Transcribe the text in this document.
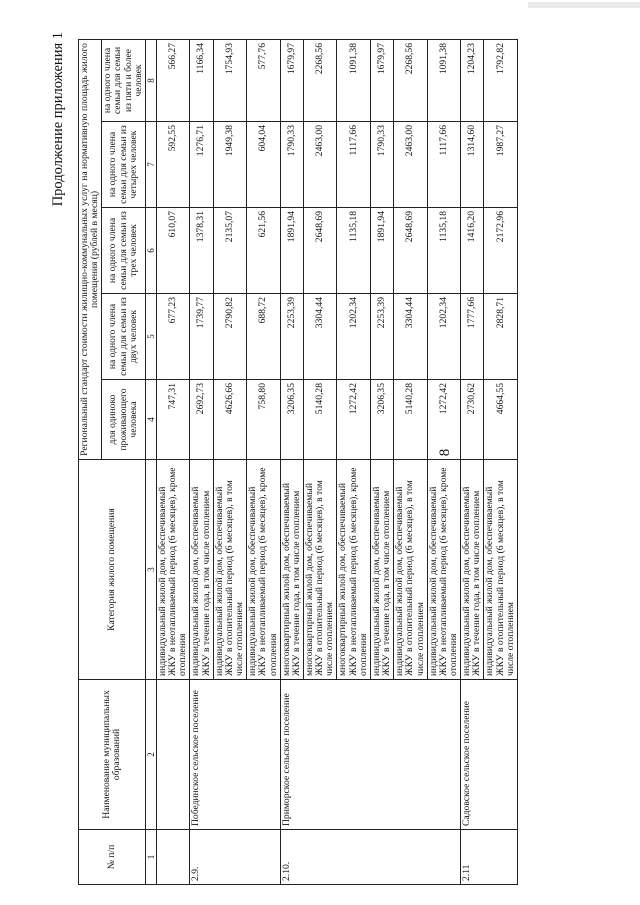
8
Продолжение приложения 1
№ п/п	Наименование муниципальных образований	Категория жилого помещения	Региональный стандарт стоимости жилищно-коммунальных услуг на нормативную площадь жилого помещения (рублей в месяц)				
			для одиноко проживающего человека	на одного члена семьи для семьи из двух человек	на одного члена семьи для семьи из трех человек	на одного члена семьи для семьи из четырех человек	на одного члена семьи для семьи из пяти и более человек
1	2	3	4	5	6	7	8
		индивидуальный жилой дом, обеспечиваемый ЖКУ в неотапливаемый период (6 месяцев), кроме отопления	747,31	677,23	610,07	592,55	566,27
2.9.	Побединское сельское поселение	индивидуальный жилой дом, обеспечиваемый ЖКУ в течение года, в том числе отоплением	2692,73	1739,77	1378,31	1276,71	1166,34
		индивидуальный жилой дом, обеспечиваемый ЖКУ в отопительный период (6 месяцев), в том числе отоплением	4626,66	2790,82	2135,07	1949,38	1754,93
		индивидуальный жилой дом, обеспечиваемый ЖКУ в неотапливаемый период (6 месяцев), кроме отопления	758,80	688,72	621,56	604,04	577,76
2.10.	Приморское сельское поселение	многоквартирный жилой дом, обеспечиваемый ЖКУ в течение года, в том числе отоплением	3206,35	2253,39	1891,94	1790,33	1679,97
		многоквартирный жилой дом, обеспечиваемый ЖКУ в отопительный период (6 месяцев), в том числе отоплением	5140,28	3304,44	2648,69	2463,00	2268,56
		многоквартирный жилой дом, обеспечиваемый ЖКУ в неотапливаемый период (6 месяцев), кроме отопления	1272,42	1202,34	1135,18	1117,66	1091,38
		индивидуальный жилой дом, обеспечиваемый ЖКУ в течение года, в том числе отоплением	3206,35	2253,39	1891,94	1790,33	1679,97
		индивидуальный жилой дом, обеспечиваемый ЖКУ в отопительный период (6 месяцев), в том числе отоплением	5140,28	3304,44	2648,69	2463,00	2268,56
		индивидуальный жилой дом, обеспечиваемый ЖКУ в неотапливаемый период (6 месяцев), кроме отопления	1272,42	1202,34	1135,18	1117,66	1091,38
2.11	Садовское сельское поселение	индивидуальный жилой дом, обеспечиваемый ЖКУ в течение года, в том числе отоплением	2730,62	1777,66	1416,20	1314,60	1204,23
		индивидуальный жилой дом, обеспечиваемый ЖКУ в отопительный период (6 месяцев), в том числе отоплением	4664,55	2828,71	2172,96	1987,27	1792,82
